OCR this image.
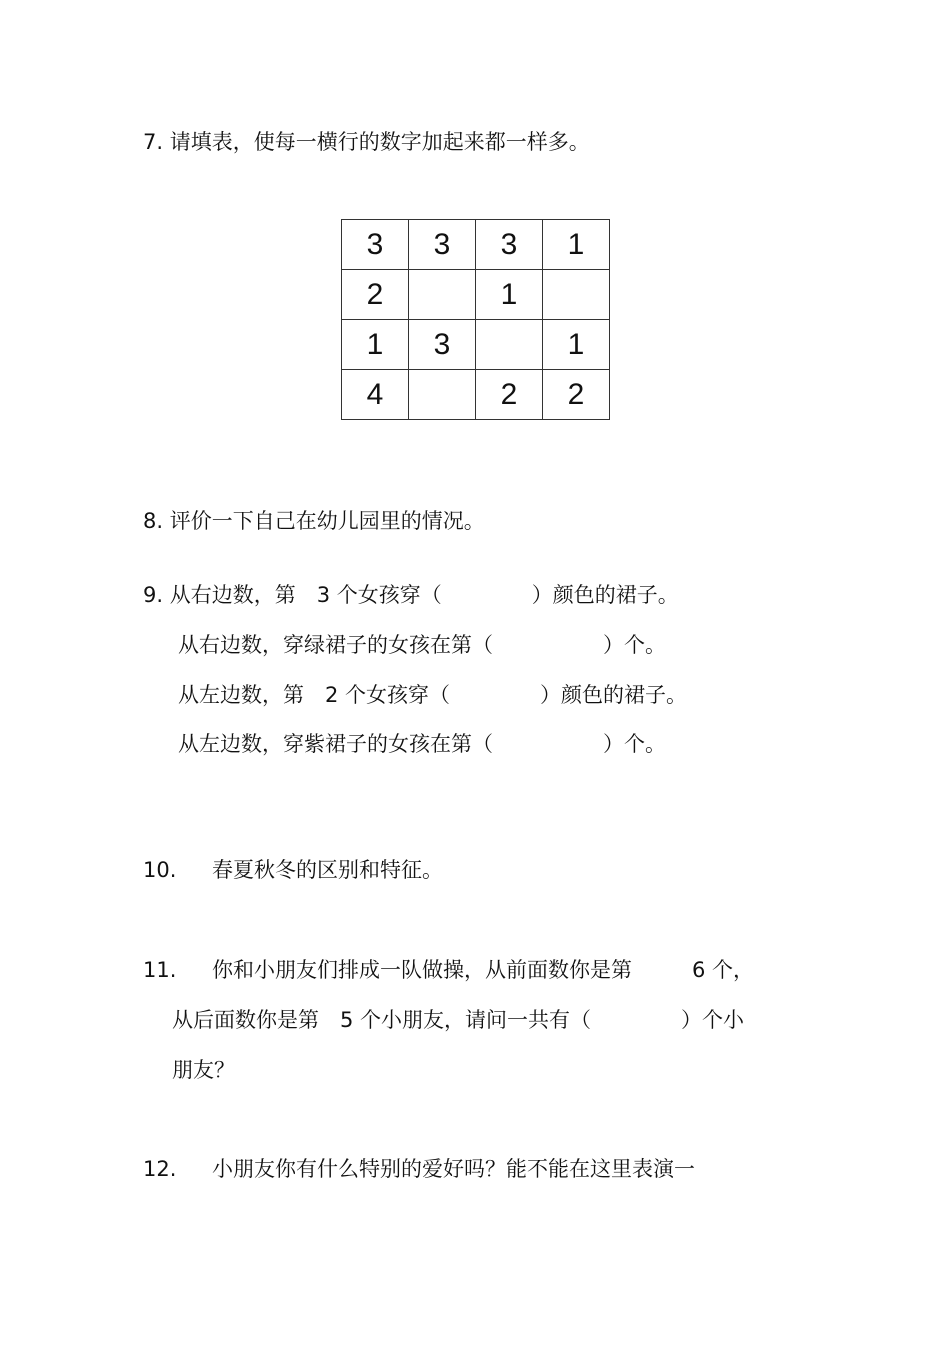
7. 请填表，使每一横行的数字加起来都一样多。
3	3	3	1
2		1	
1	3		1
4		2	2
8. 评价一下自己在幼儿园里的情况。
9. 从右边数，第　3 个女孩穿（	）颜色的裙子。
从右边数，穿绿裙子的女孩在第（	）个。
从左边数，第　2 个女孩穿（	）颜色的裙子。
从左边数，穿紫裙子的女孩在第（	）个。
10. 春夏秋冬的区别和特征。
11. 你和小朋友们排成一队做操，从前面数你是第	6 个，
从后面数你是第　5 个小朋友，请问一共有（	）个小
朋友？
12. 小朋友你有什么特别的爱好吗？能不能在这里表演一
